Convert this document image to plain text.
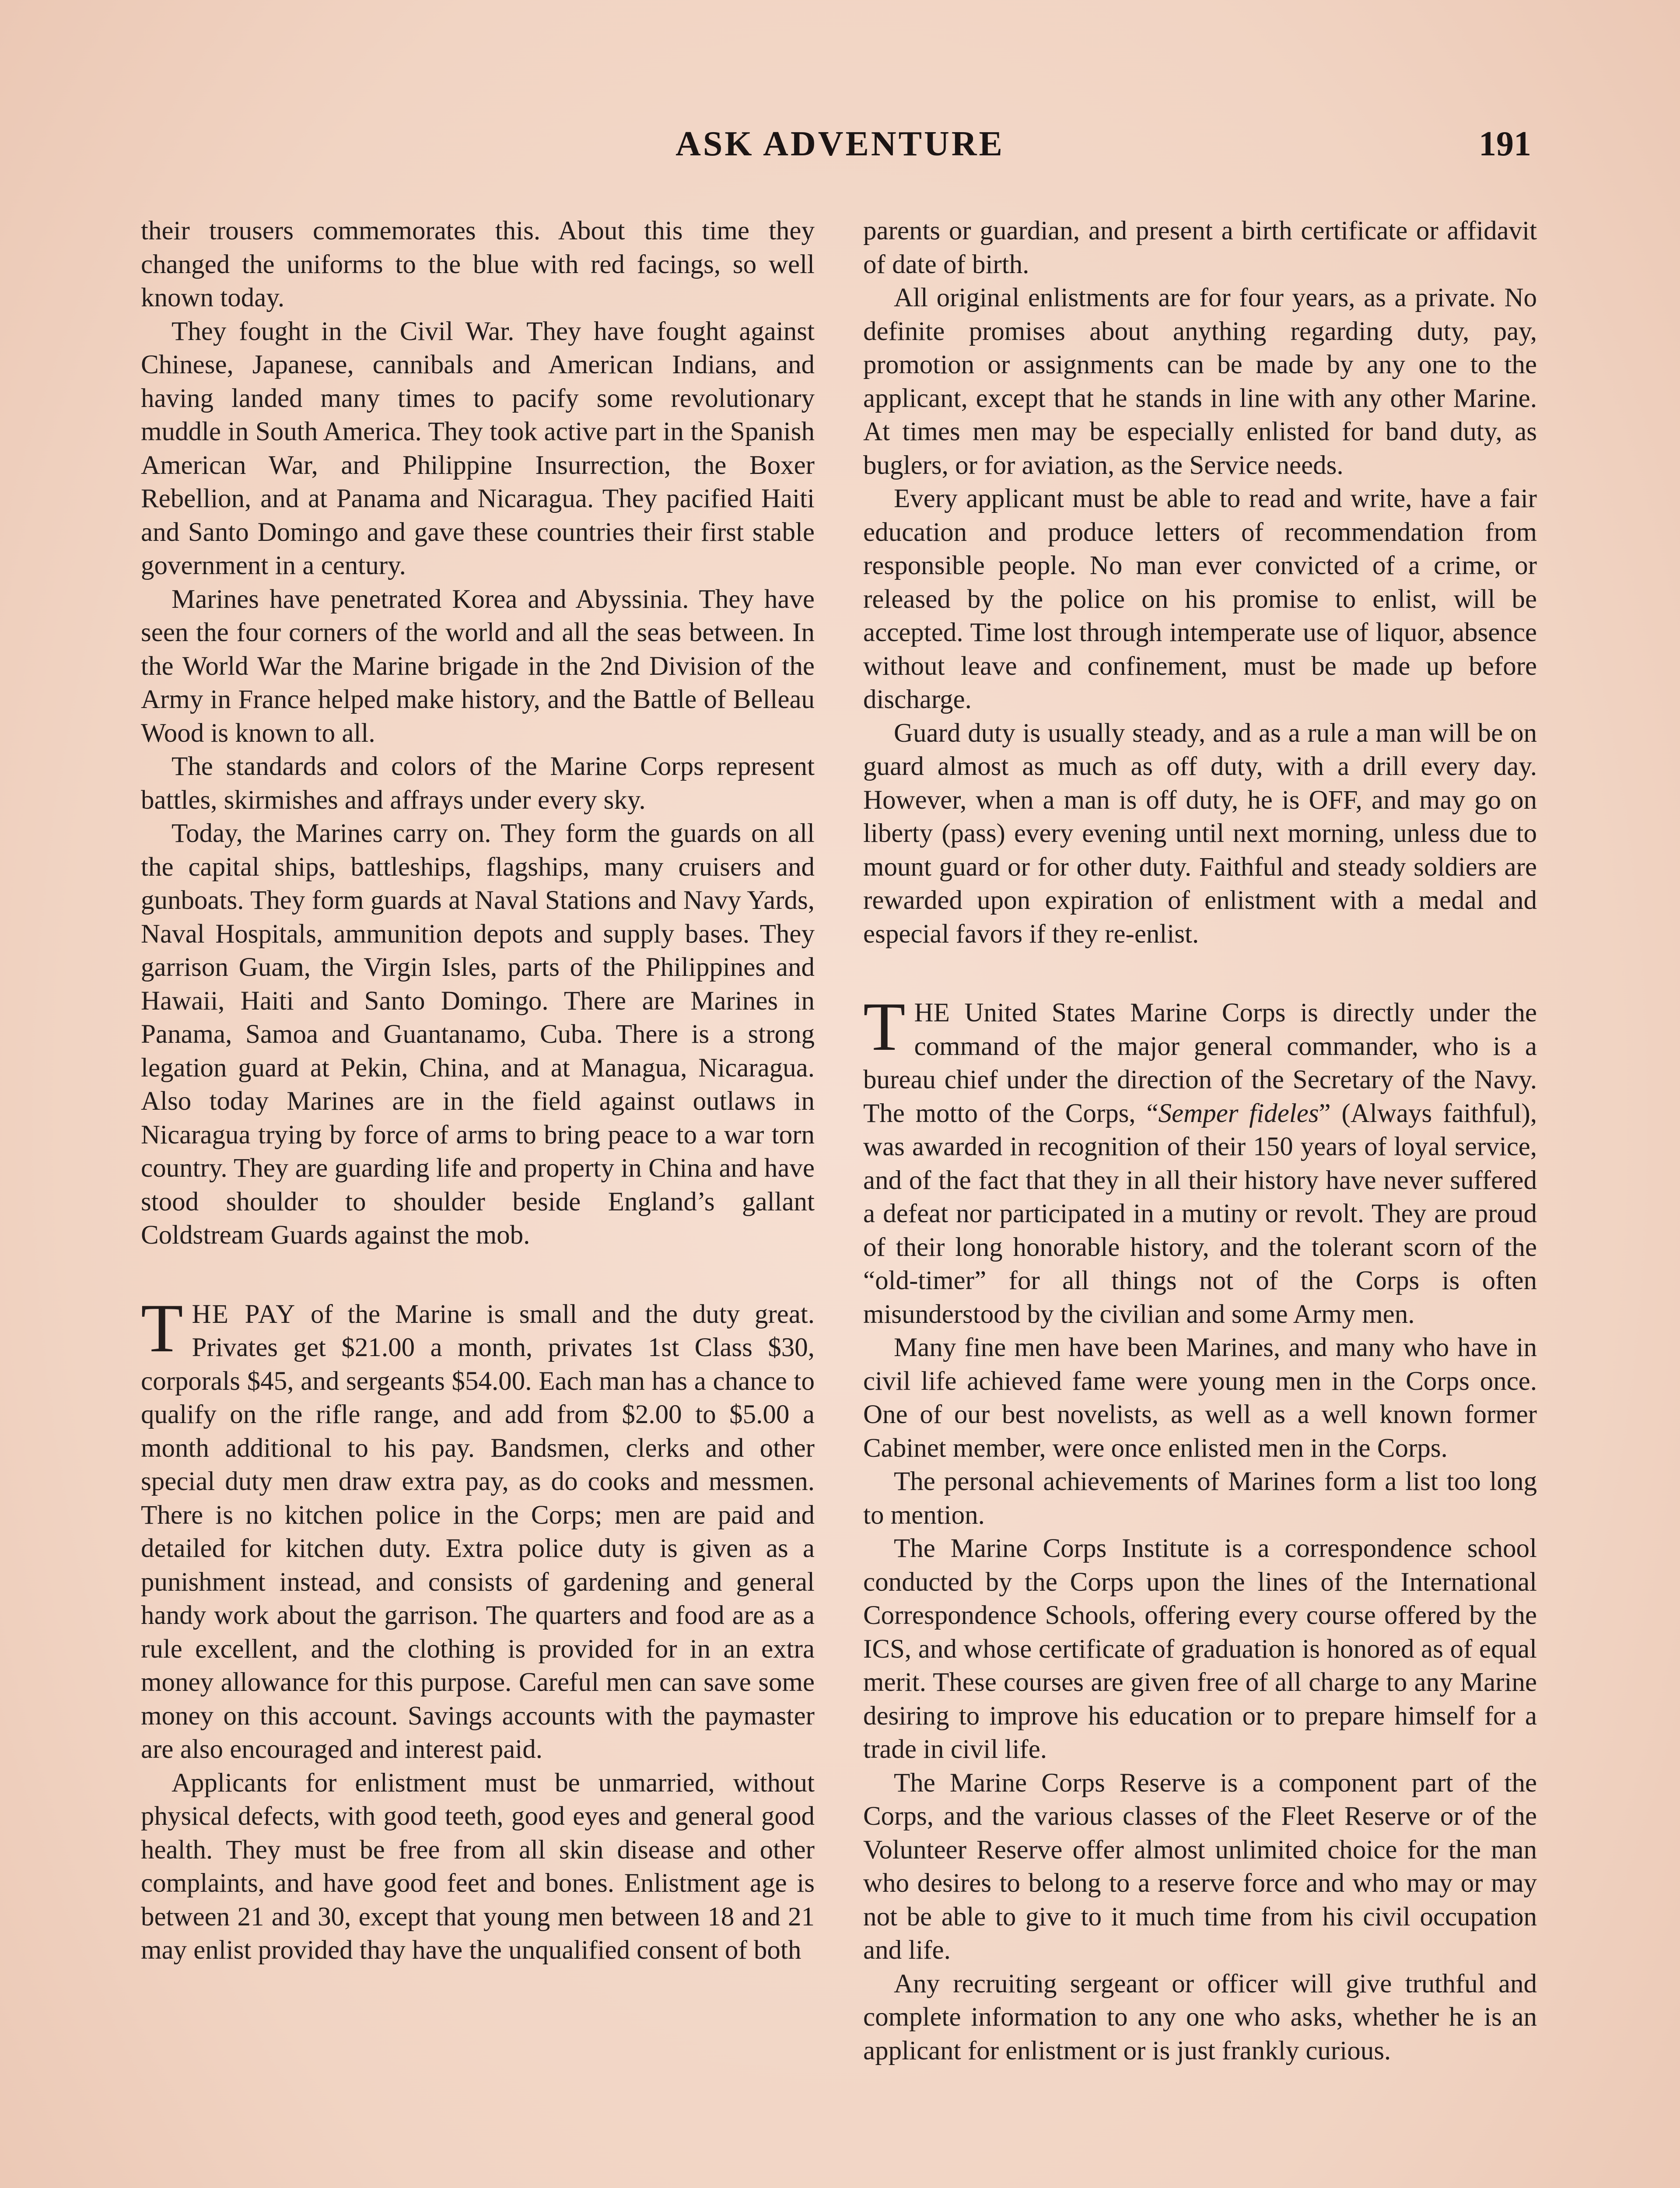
ASK ADVENTURE	191

their trousers commemorates this. About this time they changed the uniforms to the blue with red facings, so well known today.

They fought in the Civil War. They have fought against Chinese, Japanese, cannibals and American Indians, and having landed many times to pacify some revolutionary muddle in South America. They took active part in the Spanish American War, and Philippine Insurrection, the Boxer Rebellion, and at Panama and Nicaragua. They pacified Haiti and Santo Domingo and gave these countries their first stable government in a century.

Marines have penetrated Korea and Abyssinia. They have seen the four corners of the world and all the seas between. In the World War the Marine brigade in the 2nd Division of the Army in France helped make history, and the Battle of Belleau Wood is known to all.

The standards and colors of the Marine Corps represent battles, skirmishes and affrays under every sky.

Today, the Marines carry on. They form the guards on all the capital ships, battleships, flagships, many cruisers and gunboats. They form guards at Naval Stations and Navy Yards, Naval Hospitals, ammunition depots and supply bases. They garrison Guam, the Virgin Isles, parts of the Philippines and Hawaii, Haiti and Santo Domingo. There are Marines in Panama, Samoa and Guantanamo, Cuba. There is a strong legation guard at Pekin, China, and at Managua, Nicaragua. Also today Marines are in the field against outlaws in Nicaragua trying by force of arms to bring peace to a war torn country. They are guarding life and property in China and have stood shoulder to shoulder beside England’s gallant Coldstream Guards against the mob.

THE PAY of the Marine is small and the duty great. Privates get $21.00 a month, privates 1st Class $30, corporals $45, and sergeants $54.00. Each man has a chance to qualify on the rifle range, and add from $2.00 to $5.00 a month additional to his pay. Bandsmen, clerks and other special duty men draw extra pay, as do cooks and messmen. There is no kitchen police in the Corps; men are paid and detailed for kitchen duty. Extra police duty is given as a punishment instead, and consists of gardening and general handy work about the garrison. The quarters and food are as a rule excellent, and the clothing is provided for in an extra money allowance for this purpose. Careful men can save some money on this account. Savings accounts with the paymaster are also encouraged and interest paid.

Applicants for enlistment must be unmarried, without physical defects, with good teeth, good eyes and general good health. They must be free from all skin disease and other complaints, and have good feet and bones. Enlistment age is between 21 and 30, except that young men between 18 and 21 may enlist provided thay have the unqualified consent of both

parents or guardian, and present a birth certificate or affidavit of date of birth.

All original enlistments are for four years, as a private. No definite promises about anything regarding duty, pay, promotion or assignments can be made by any one to the applicant, except that he stands in line with any other Marine. At times men may be especially enlisted for band duty, as buglers, or for aviation, as the Service needs.

Every applicant must be able to read and write, have a fair education and produce letters of recommendation from responsible people. No man ever convicted of a crime, or released by the police on his promise to enlist, will be accepted. Time lost through intemperate use of liquor, absence without leave and confinement, must be made up before discharge.

Guard duty is usually steady, and as a rule a man will be on guard almost as much as off duty, with a drill every day. However, when a man is off duty, he is OFF, and may go on liberty (pass) every evening until next morning, unless due to mount guard or for other duty. Faithful and steady soldiers are rewarded upon expiration of enlistment with a medal and especial favors if they re-enlist.

THE United States Marine Corps is directly under the command of the major general commander, who is a bureau chief under the direction of the Secretary of the Navy. The motto of the Corps, “Semper fideles” (Always faithful), was awarded in recognition of their 150 years of loyal service, and of the fact that they in all their history have never suffered a defeat nor participated in a mutiny or revolt. They are proud of their long honorable history, and the tolerant scorn of the “old-timer” for all things not of the Corps is often misunderstood by the civilian and some Army men.

Many fine men have been Marines, and many who have in civil life achieved fame were young men in the Corps once. One of our best novelists, as well as a well known former Cabinet member, were once enlisted men in the Corps.

The personal achievements of Marines form a list too long to mention.

The Marine Corps Institute is a correspondence school conducted by the Corps upon the lines of the International Correspondence Schools, offering every course offered by the ICS, and whose certificate of graduation is honored as of equal merit. These courses are given free of all charge to any Marine desiring to improve his education or to prepare himself for a trade in civil life.

The Marine Corps Reserve is a component part of the Corps, and the various classes of the Fleet Reserve or of the Volunteer Reserve offer almost unlimited choice for the man who desires to belong to a reserve force and who may or may not be able to give to it much time from his civil occupation and life.

Any recruiting sergeant or officer will give truthful and complete information to any one who asks, whether he is an applicant for enlistment or is just frankly curious.
